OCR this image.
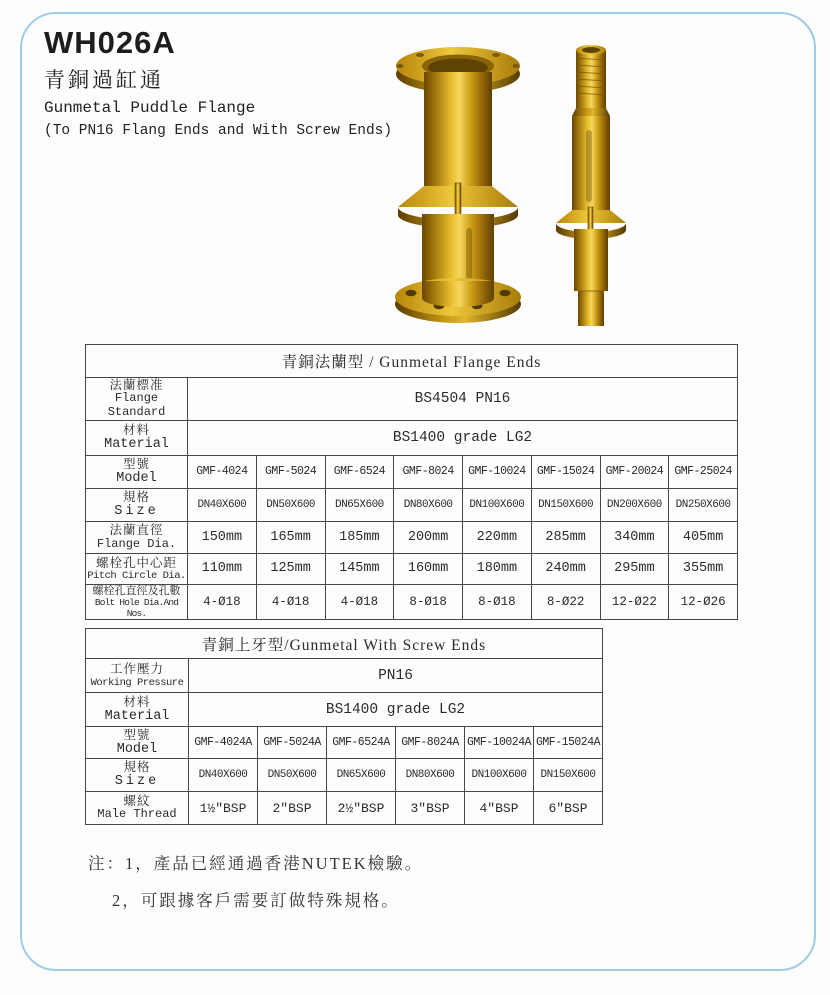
WH026A
青銅過缸通
Gunmetal Puddle Flange
(To PN16 Flang Ends and With Screw Ends)
青銅法蘭型 / Gunmetal Flange Ends								

法蘭標准
Flange Standard	BS4504 PN16							

材料
Material	BS1400 grade LG2							

型號
Model	GMF-4024	GMF-5024	GMF-6524	GMF-8024	GMF-10024	GMF-15024	GMF-20024	GMF-25024

規格
Size	DN40X600	DN50X600	DN65X600	DN80X600	DN100X600	DN150X600	DN200X600	DN250X600

法蘭直徑
Flange Dia.	150mm	165mm	185mm	200mm	220mm	285mm	340mm	405mm

螺栓孔中心距
Pitch Circle Dia.	110mm	125mm	145mm	160mm	180mm	240mm	295mm	355mm

螺栓孔直徑及孔數
Bolt Hole Dia.And Nos.	4-Ø18	4-Ø18	4-Ø18	8-Ø18	8-Ø18	8-Ø22	12-Ø22	12-Ø26
青銅上牙型/Gunmetal With Screw Ends						

工作壓力
Working Pressure	PN16					

材料
Material	BS1400 grade LG2					

型號
Model	GMF-4024A	GMF-5024A	GMF-6524A	GMF-8024A	GMF-10024A	GMF-15024A

規格
Size	DN40X600	DN50X600	DN65X600	DN80X600	DN100X600	DN150X600

螺紋
Male Thread	1½″BSP	2″BSP	2½″BSP	3″BSP	4″BSP	6″BSP
注：1，產品已經通過香港NUTEK檢驗。
2，可跟據客戶需要訂做特殊規格。
